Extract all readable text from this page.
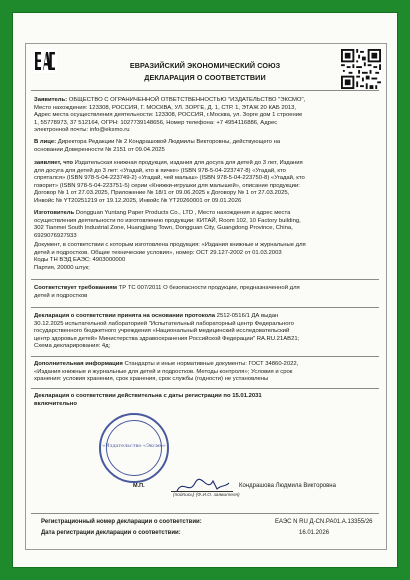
ЕВРАЗИЙСКИЙ ЭКОНОМИЧЕСКИЙ СОЮЗ
ДЕКЛАРАЦИЯ О СООТВЕТСТВИИ
Заявитель: ОБЩЕСТВО С ОГРАНИЧЕННОЙ ОТВЕТСТВЕННОСТЬЮ "ИЗДАТЕЛЬСТВО "ЭКСМО",
Место нахождения: 123308, РОССИЯ, Г. МОСКВА, УЛ. ЗОРГЕ, Д. 1, СТР. 1, ЭТАЖ 20 КАБ 2013,
Адрес места осуществления деятельности: 123308, РОССИЯ, г.Москва, ул. Зорге дом 1 строение
1, 55778973, 37 512164, ОГРН: 1027739148656, Номер телефона: +7 4954116886, Адрес
электронной почты: info@eksmo.ru
В лице: Директора Редакции № 2 Кондрашовой Людмилы Викторовны, действующего на
основании Доверенности № 2151 от 09.04.2025
заявляет, что Издательская книжная продукция, издания для досуга для детей до 3 лет, Издания
для досуга для детей до 3 лет: «Угадай, кто в яичке» (ISBN 978-5-04-223747-8) «Угадай, кто
спрятался» (ISBN 978-5-04-223749-2) «Угадай, чей малыш» (ISBN 978-5-04-223750-8) «Угадай, кто
говорит» (ISBN 978-5-04-223751-5) серии «Книжки-игрушки для малышей», описание продукции:
Договор № 1 от 27.03.2025, Приложение № 18/1 от 09.06.2025 к Договору № 1 от 27.03.2025,
Инвойс № YT20251219 от 19.12.2025, Инвойс № YT20260001 от 09.01.2026
Изготовитель Dongguan Yuntang Paper Products Co., LTD , Место нахождения и адрес места
осуществления деятельности по изготовлению продукции: КИТАЙ, Room 102, 10 Factory building,
302 Tianmei South Industrial Zone, Huangjiang Town, Dongguan City, Guangdong Province, China,
6929076927933
Документ, в соответствии с которым изготовлена продукция: «Издания книжные и журнальные для
детей и подростков. Общие технические условия», номер: ОСТ 29.127-2002 от 01.03.2003
Коды ТН ВЭД ЕАЭС: 4903000000
Партия, 20000 штук;
Соответствует требованиям ТР ТС 007/2011 О безопасности продукции, предназначенной для
детей и подростков
Декларация о соответствии принята на основании протокола 2512-0516/1 ДА выдан
30.12.2025 испытательной лабораторией "Испытательный лабораторный центр Федерального
государственного бюджетного учреждения «Национальный медицинский исследовательский
центр здоровья детей» Министерства здравоохранения Российской Федерации" RA.RU.21АВ21;
Схема декларирования: 4д;
Дополнительная информация Стандарты и иные нормативные документы: ГОСТ 34860-2022,
«Издания книжные и журнальные для детей и подростков. Методы контроля»; Условия и срок
хранения: условия хранения, срок хранения, срок службы (годности) не установлены
Декларация о соответствии действительна с даты регистрации по 15.01.2031
включительно
«Издательство «Эксмо»
М.П.	Кондрашова Людмила Викторовна
(подпись) (Ф.И.О. заявителя)
Регистрационный номер декларации о соответствии:	ЕАЭС N RU Д-CN.PA01.А.13355/26
Дата регистрации декларации о соответствии:	16.01.2026
